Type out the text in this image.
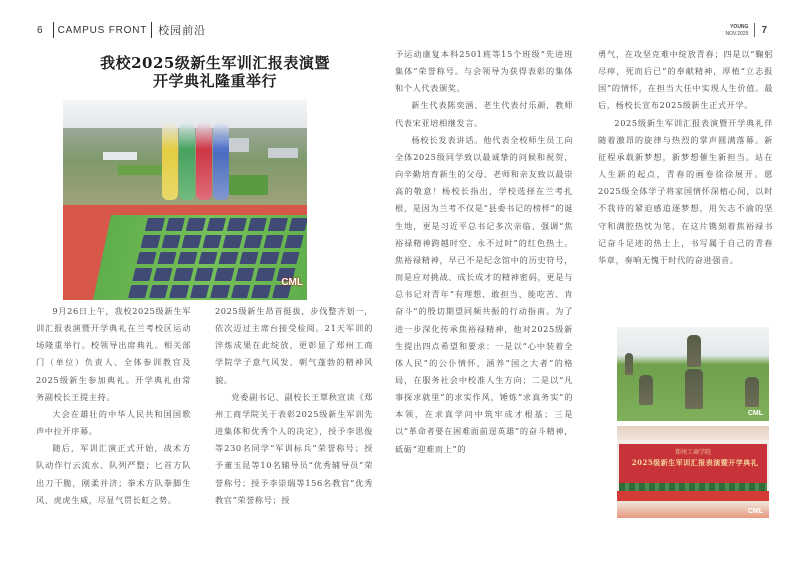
6 CAMPUS FRONT 校园前沿	YOUNG
NOV.2025 7
我校2025级新生军训汇报表演暨
开学典礼隆重举行
CML

9月26日上午，我校2025级新生军训汇报表演暨开学典礼在兰考校区运动场隆重举行。校领导出席典礼。相关部门（单位）负责人、全体参训教官及2025级新生参加典礼。开学典礼由常务副校长王提主持。

大会在雄壮的中华人民共和国国歌声中拉开序幕。

随后，军训汇演正式开始，战术方队动作行云流水、队列严整；匕首方队出刀干脆，刚柔并济；拳术方队拳脚生风、虎虎生威，尽显气贯长虹之势。

2025级新生昂首挺拔，步伐整齐划一，依次迈过主席台接受检阅。21天军训的淬炼成果在此绽放，更彰显了郑州工商学院学子意气风发、朝气蓬勃的精神风貌。

党委副书记、副校长王覃秋宣读《郑州工商学院关于表彰2025级新生军训先进集体和优秀个人的决定》，授予李思俊等230名同学“军训标兵”荣誉称号；授予董玉昆等10名辅导员“优秀辅导员”荣誉称号；授予李崇瑞等156名教官“优秀教官”荣誉称号；授

予运动康复本科2501班等15个班级“先进班集体”荣誉称号。与会领导为获得表彰的集体和个人代表颁奖。

新生代表陈奕涵、老生代表付乐颜，教师代表宋亚培相继发言。

杨校长发表讲话。他代表全校师生员工向全体2025级同学致以最诚挚的问候和祝贺，向辛勤培育新生的父母、老师和亲友致以最崇高的敬意！杨校长指出，学校选择在兰考扎根，是因为兰考不仅是“县委书记的榜样”的诞生地，更是习近平总书记多次亲临、强调“焦裕禄精神跨越时空、永不过时”的红色热土。焦裕禄精神，早已不是纪念馆中的历史符号，而是应对挑战、成长成才的精神密码，更是与总书记对青年“有理想、敢担当、能吃苦、肯奋斗”的殷切期望同频共振的行动指南。为了进一步深化传承焦裕禄精神，他对2025级新生提出四点希望和要求：一是以“心中装着全体人民”的公仆情怀，涵养“国之大者”的格局，在服务社会中校准人生方向；二是以“凡事探求就里”的求实作风，锤炼“求真务实”的本领，在求真学问中筑牢成才根基；三是以“革命者要在困难面前逞英雄”的奋斗精神，砥砺“迎难而上”的

勇气，在攻坚克难中绽放青春；四是以“鞠躬尽瘁，死而后已”的奉献精神，厚植“立志报国”的情怀，在担当大任中实现人生价值。最后，杨校长宣布2025级新生正式开学。

2025级新生军训汇报表演暨开学典礼伴随着激昂的旋律与热烈的掌声圆满落幕。新征程承载新梦想，新梦想催生新担当。站在人生新的起点，青春的画卷徐徐展开。愿2025级全体学子将家国情怀深植心间，以时不我待的紧迫感追逐梦想，用矢志不渝的坚守和满腔热忱为笔，在这片镌刻着焦裕禄书记奋斗足迹的热土上，书写属于自己的青春华章，奏响无愧于时代的奋进强音。

CML
郑州工商学院
2025级新生军训汇报表演暨开学典礼
CML
